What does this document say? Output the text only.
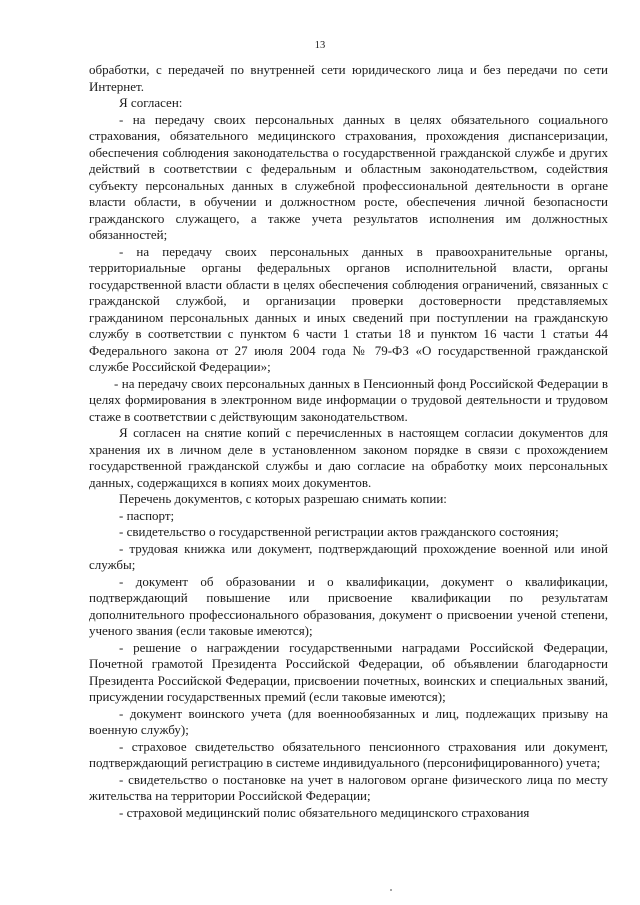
13

обработки, с передачей по внутренней сети юридического лица и без передачи по сети Интернет.

Я согласен:

- на передачу своих персональных данных в целях обязательного социального страхования, обязательного медицинского страхования, прохождения диспансеризации, обеспечения соблюдения законодательства о государственной гражданской службе и других действий в соответствии с федеральным и областным законодательством, содействия субъекту персональных данных в служебной профессиональной деятельности в органе власти области, в обучении и должностном росте, обеспечения личной безопасности гражданского служащего, а также учета результатов исполнения им должностных обязанностей;

- на передачу своих персональных данных в правоохранительные органы, территориальные органы федеральных органов исполнительной власти, органы государственной власти области в целях обеспечения соблюдения ограничений, связанных с гражданской службой, и организации проверки достоверности представляемых гражданином персональных данных и иных сведений при поступлении на гражданскую службу в соответствии с пунктом 6 части 1 статьи 18 и пунктом 16 части 1 статьи 44 Федерального закона от 27 июля 2004 года № 79-ФЗ «О государственной гражданской службе Российской Федерации»;

- на передачу своих персональных данных в Пенсионный фонд Российской Федерации в целях формирования в электронном виде информации о трудовой деятельности и трудовом стаже в соответствии с действующим законодательством.

Я согласен на снятие копий с перечисленных в настоящем согласии документов для хранения их в личном деле в установленном законом порядке в связи с прохождением государственной гражданской службы и даю согласие на обработку моих персональных данных, содержащихся в копиях моих документов.

Перечень документов, с которых разрешаю снимать копии:

- паспорт;

- свидетельство о государственной регистрации актов гражданского состояния;

- трудовая книжка или документ, подтверждающий прохождение военной или иной службы;

- документ об образовании и о квалификации, документ о квалификации, подтверждающий повышение или присвоение квалификации по результатам дополнительного профессионального образования, документ о присвоении ученой степени, ученого звания (если таковые имеются);

- решение о награждении государственными наградами Российской Федерации, Почетной грамотой Президента Российской Федерации, об объявлении благодарности Президента Российской Федерации, присвоении почетных, воинских и специальных званий, присуждении государственных премий (если таковые имеются);

- документ воинского учета (для военнообязанных и лиц, подлежащих призыву на военную службу);

- страховое свидетельство обязательного пенсионного страхования или документ, подтверждающий регистрацию в системе индивидуального (персонифицированного) учета;

- свидетельство о постановке на учет в налоговом органе физического лица по месту жительства на территории Российской Федерации;

- страховой медицинский полис обязательного медицинского страхования
